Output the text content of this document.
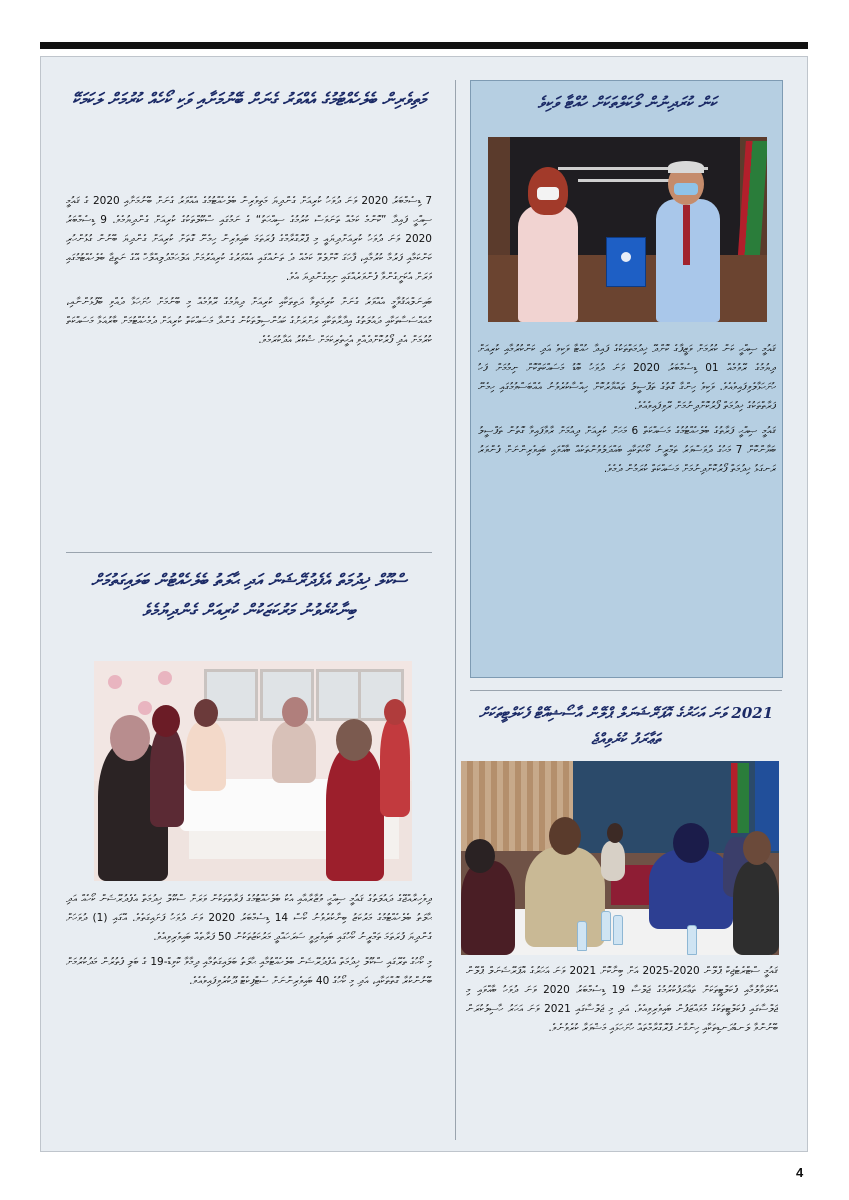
މަތިވެރިން ބެލެހެއްޓުމުގެ އެއްވަރު ގެނަށް ބޭނުމަށާއި ވަކި ކޯހެއް ކުރުމަށް ލަކަމަކޭ

7 ޑިސެމްބަރު 2020 ވަނަ ދުވަހު ކުރިއަށް ގެންދިޔަ މަތިވެރިން ބެލެހެއްޓުމުގެ އެއްވަރު ގެނަށް ބޭނުމަށާއި 2020 ގެ ޤައުމީ ސިއްޙީ ފައިދާ ”ކޮންމެ ކަމެއް ތަނަވަސް ކުރުމުގެ ސިއްޙަތު“ ގެ ނަމުގައި ސްކޫލްތަކުގެ ކުރިއަށް ގެންދިޔުމެވެ. 9 ޑިސެމްބަރު 2020 ވަނަ ދުވަހު ކުރިއަށްދިޔައީ މި ޕްރޮގްރާމްގެ ފުރަތަމަ ބައިވެރިން ހިމެނޭ ގޮތަށް ކުރިއަށް ގެންދިޔަ ބޭނުން ގުޅުންހުރި ކަންކަމާއި ފަރުމާ ކުރުމާއި، ފާހަގަ ކޮށްލެވޭ ކަމެއް ދެ ތަނެއްގައި އެއްވަރުގެ ކުރިއެރުމަށް އަލްޙަމްދުލިއްލާހް އޭގެ ނަތީޖާ ބެލެހެއްޓުމުގައި ވަރަށް އެކަށީގެންވާ ފެންވަރެއްގައި ނިމިގެންދިޔަ އެވެ.

ބައިނަލްއަޤުވާމީ އެއްވަރު ގެނަށް ކުރިމަތިވާ ދަތިތަކާއި ކުރިއަށް ދިޔުމުގެ ރޭވުމެއް މި ބޭނުމަށް ހުށަހަޅާ ދެއްވި ބޭފުޅުންނާއި، މުއައްސަސާތަކާއި ދައުލަތުގެ އިދާރާތަކާއި ރަށްރަށުގެ ކައުންސިލްތަކުން ގެންދާ މަސައްކަތް ކުރިއަށް ދެމެހެއްޓުމަށް ބާރުއަޅާ މަސައްކަތް ކުރުމަށް އެދި ފޯރުކޮށްދެއްވި އެހީތެރިކަމަށް ޝުކުރު އަދާކުރަމެވެ.

ސްކޫލް ޚިދުމަތް އެފެދުރޭޝަން އަދި ޙާލަތު ބެލެހެއްޓުން ބަލައިގަތުމަށް ބިނާކުރެވުނު މަރުކަޒަކުން ކުރިއަށް ގެންދިޔުމެވެ

ދިވެހިރާއްޖޭގެ ދައުލަތުގެ ޤައުމީ ޞިއްޙީ ވުޒާރާއާއި އެކު ބެލެހެއްޓުމުގެ ފަރާތްތަކުން ވަރަށް ސްކޫލް ޚިދުމަތް އެފެދުރޭޝަން ކޯހެއް އަދި ޙާލަތު ބެލެހެއްޓުމުގެ މަރުކަޒު ބިނާކުރެވުނު ކޯސް 14 ޑިސެމްބަރު 2020 ވަނަ ދުވަހު ފަށައިގަތެވެ. އޭގައި (1) ދުވަހަށް ގެންދިޔަ ފުރަތަމަ ތަމްރީނު ކޯހުގައި ބައިވެރިވީ ސަރަހައްދީ މަރުކަޒުތަކުން 50 ފަރާތެއް ބައިވެރިވިއެވެ.

މި ކޯހުގެ ތެރޭގައި ސްކޫލް ޚިދުމަތް އެފެދުރޭޝަން ބެލެހެއްޓުމާއި ޙާލަތު ބަލައިގަތުމާއި ދިމާވާ ކޮވިޑް-19 ގެ ބަލި ފެތުރުން މަދުކުރުމަށް ބޭނުންކުރާ ގޮތްތަކާއި، އަދި މި ކޯހުގެ 40 ބައިވެރިންނަށް ސެޓްފިކެޓް ދޫކުރެވިފައިވެއެވެ.

ކަން ކުރަދިނުން ލޯކަލްތަކަށް ހުއްޓާ ވަކިވެ

ޤައުމީ ޞިއްޙީ ކަން ކުރުމަށް ވަޒީފާގެ ކޮށްދޭ ޚިދުމަތްތަކުގެ ފައިދާ ހުއްޓާ ވަކިވެ އަދި ކަންކުރުމާއި ކުރިއަށް ދިޔުމުގެ ރޭވުމެއް 01 ޑިސެމްބަރު 2020 ވަނަ ދުވަހު ބޮޑު މަސައްކަތްކޮށް ނިމުމަށް ފަހު ހުށަހަޅާލެވިފައިވެއެވެ. ވަކިވެ ހިންގާ ގޮތުގެ ތަފްސީލު ތައްޔާރުކޮށް ހިއްސާކުރެވުނު އެއްބަސްވުމުގައި ހިމެނޭ ފަރާތްތަކުގެ ޚިދުމަތް ފޯރުކޮށްދިނުމަށް ރޭވިފައިވެއެވެ.

ޤައުމީ ޞިއްޙީ ފަރާތުގެ ބެލެހެއްޓުމުގެ މަސައްކަތް 6 މަހަށް ކުރިއަށް ދިއުމަށް ރާވާފައިވާ ގޮތުން ތަފްސީލު ބަޔާންކޮށް 7 މަހުގެ ދުވަސްވަރު ތަމްރީނު ކޯހުތަކާއި ބައްދަލުވުންތަކެއް ބާއްވައި ބައިވެރިންނަށް ފެންވަރު ރަނގަޅު ޚިދުމަތް ފޯރުކޮށްދިނުމަށް މަސައްކަތް ކުރަމުން ދެމެވެ.

2021 ވަނަ އަހަރުގެ އޮޕަރޭޝަނަލް ޕްލޭން އާސޯޝިއޭޓް ފެކަލްޓީތަކަށް ތަޢާރަފު ކުރެވިއްޖެ

ޤައުމީ ސްޓްރެޓެޖިކް ޕްލޭން 2020-2025 އަށް ބިނާކޮށް 2021 ވަނަ އަހަރުގެ އޮޕަރޭޝަނަލް ޕްލޭން އެކުލަވާލުމާއި ފެކަލްޓީތަކަށް ތަޢާރަފުކުރުމުގެ ޖަލްސާ 19 ޑިސެމްބަރު 2020 ވަނަ ދުވަހު ބާއްވައި މި ޖަލްސާގައި ފެކަލްޓީތަކުގެ މުވައްޒަފުން ބައިވެރިވިއެވެ. އަދި މި ޖަލްސާގައި 2021 ވަނަ އަހަރު ހާސިލުކުރަން ބޭނުންވާ ލަނޑުދަނޑިތަކާއި ހިންގާނެ ޕްރޮގްރާމްތައް ހުށަހަޅައި މަޝްވަރާ ކުރެވުނެވެ.

4
